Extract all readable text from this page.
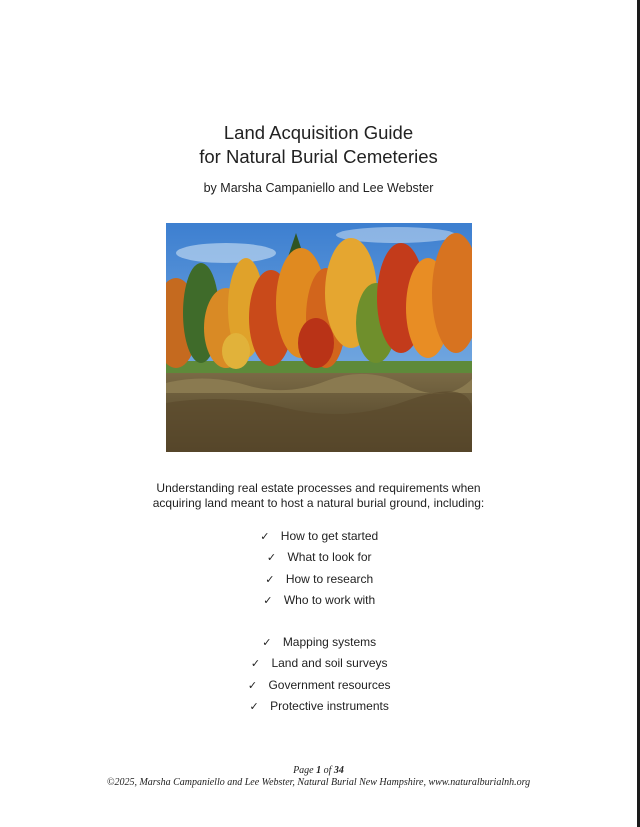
Land Acquisition Guide
for Natural Burial Cemeteries
by Marsha Campaniello and Lee Webster
Understanding real estate processes and requirements when
acquiring land meant to host a natural burial ground, including:
✓ How to get started
✓ What to look for
✓ How to research
✓ Who to work with
✓ Mapping systems
✓ Land and soil surveys
✓ Government resources
✓ Protective instruments
Page 1 of 34
©2025, Marsha Campaniello and Lee Webster, Natural Burial New Hampshire, www.naturalburialnh.org
